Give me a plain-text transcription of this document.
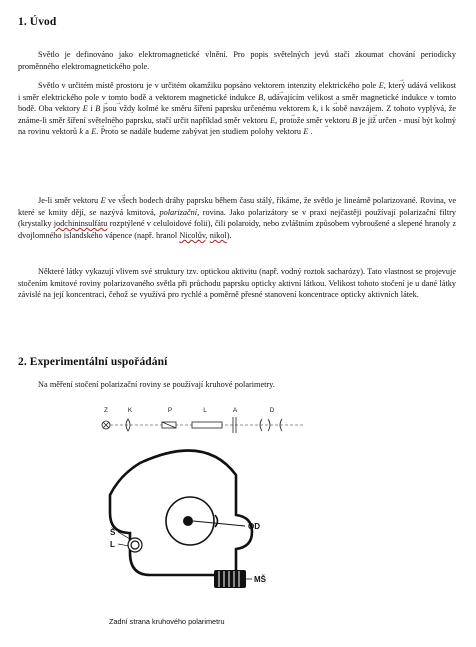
1. Úvod

Světlo je definováno jako elektromagnetické vlnění. Pro popis světelných jevů stačí zkoumat chování periodicky proměnného elektromagnetického pole.

Světlo v určitém místě prostoru je v určitém okamžiku popsáno vektorem intenzity elektrického pole → E, který udává velikost i směr elektrického pole v tomto bodě a vektorem magnetické indukce → B, udávajícím velikost a směr magnetické indukce v tomto bodě. Oba vektory → E i → B jsou vždy kolmé ke směru šíření paprsku určenému vektorem → k, i k sobě navzájem. Z tohoto vyplývá, že známe-li směr šíření světelného paprsku, stačí určit například směr vektoru → E, protože směr vektoru → B je již určen - musí být kolmý na rovinu vektorů → k a → E. Proto se nadále budeme zabývat jen studiem polohy vektoru → E .

Je-li směr vektoru → E ve všech bodech dráhy paprsku během času stálý, říkáme, že světlo je lineárně polarizované. Rovina, ve které se kmity dějí, se nazývá kmitová, polarizační, rovina. Jako polarizátory se v praxi nejčastěji používají polarizační filtry (krystalky jodchininsulfátu rozptýlené v celuloidové folii), čili polaroidy, nebo zvláštním způsobem vybroušené a slepené hranoly z dvojlomného islandského vápence (např. hranol Nicolův, nikol).

Některé látky vykazují vlivem své struktury tzv. optickou aktivitu (např. vodný roztok sacharózy). Tato vlastnost se projevuje stočením kmitové roviny polarizovaného světla při průchodu paprsku opticky aktivní látkou. Velikost tohoto stočení je u dané látky závislé na její koncentraci, čehož se využívá pro rychlé a poměrně přesné stanovení koncentrace opticky aktivních látek.

2. Experimentální uspořádání

Na měření stočení polarizační roviny se používají kruhové polarimetry.

Z	K	P	L	A	D
OD
Š
L
MŠ
Zadní strana kruhového polarimetru
